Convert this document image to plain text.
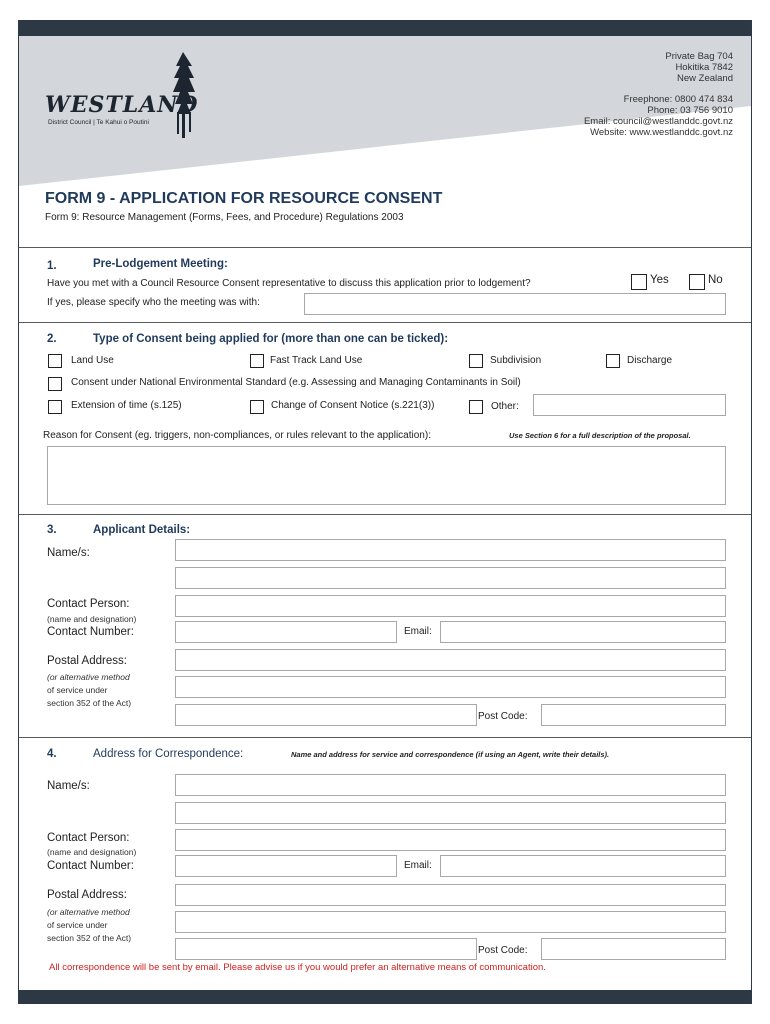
WESTLAND
District Council | Te Kahui o Poutini
Private Bag 704
Hokitika 7842
New Zealand
Freephone: 0800 474 834
Phone: 03 756 9010
Email: council@westlanddc.govt.nz
Website: www.westlanddc.govt.nz
FORM 9 - APPLICATION FOR RESOURCE CONSENT
Form 9: Resource Management (Forms, Fees, and Procedure) Regulations 2003
1.	Pre-Lodgement Meeting:
Have you met with a Council Resource Consent representative to discuss this application prior to lodgement?	Yes	No
If yes, please specify who the meeting was with:
2.	Type of Consent being applied for (more than one can be ticked):
Land Use	Fast Track Land Use	Subdivision	Discharge
Consent under National Environmental Standard (e.g. Assessing and Managing Contaminants in Soil)
Extension of time (s.125)	Change of Consent Notice (s.221(3))	Other:
Reason for Consent (eg. triggers, non-compliances, or rules relevant to the application):	Use Section 6 for a full description of the proposal.
3.	Applicant Details:
Name/s:
Contact Person:
(name and designation)
Contact Number:	Email:
Postal Address:
(or alternative method
of service under
section 352 of the Act)
Post Code:
4.	Address for Correspondence:	Name and address for service and correspondence (if using an Agent, write their details).
Name/s:
Contact Person:
(name and designation)
Contact Number:	Email:
Postal Address:
(or alternative method
of service under
section 352 of the Act)
Post Code:
All correspondence will be sent by email. Please advise us if you would prefer an alternative means of communication.
